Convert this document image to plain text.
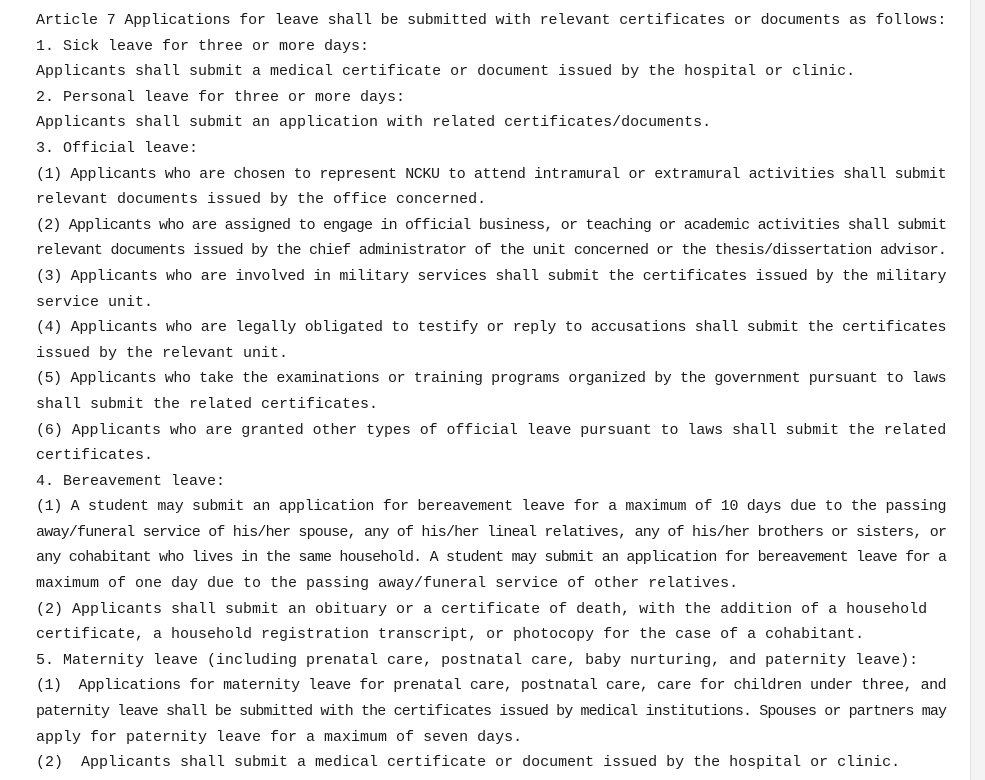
Article 7 Applications for leave shall be submitted with relevant certificates or documents as follows:

1. Sick leave for three or more days:

Applicants shall submit a medical certificate or document issued by the hospital or clinic.

2. Personal leave for three or more days:

Applicants shall submit an application with related certificates/documents.

3. Official leave:

(1) Applicants who are chosen to represent NCKU to attend intramural or extramural activities shall submit

relevant documents issued by the office concerned.

(2) Applicants who are assigned to engage in official business, or teaching or academic activities shall submit

relevant documents issued by the chief administrator of the unit concerned or the thesis/dissertation advisor.

(3) Applicants who are involved in military services shall submit the certificates issued by the military

service unit.

(4) Applicants who are legally obligated to testify or reply to accusations shall submit the certificates

issued by the relevant unit.

(5) Applicants who take the examinations or training programs organized by the government pursuant to laws

shall submit the related certificates.

(6) Applicants who are granted other types of official leave pursuant to laws shall submit the related

certificates.

4. Bereavement leave:

(1) A student may submit an application for bereavement leave for a maximum of 10 days due to the passing

away/funeral service of his/her spouse, any of his/her lineal relatives, any of his/her brothers or sisters, or

any cohabitant who lives in the same household. A student may submit an application for bereavement leave for a

maximum of one day due to the passing away/funeral service of other relatives.

(2) Applicants shall submit an obituary or a certificate of death, with the addition of a household

certificate, a household registration transcript, or photocopy for the case of a cohabitant.

5. Maternity leave (including prenatal care, postnatal care, baby nurturing, and paternity leave):

(1)  Applications for maternity leave for prenatal care, postnatal care, care for children under three, and

paternity leave shall be submitted with the certificates issued by medical institutions. Spouses or partners may

apply for paternity leave for a maximum of seven days.

(2)  Applicants shall submit a medical certificate or document issued by the hospital or clinic.
